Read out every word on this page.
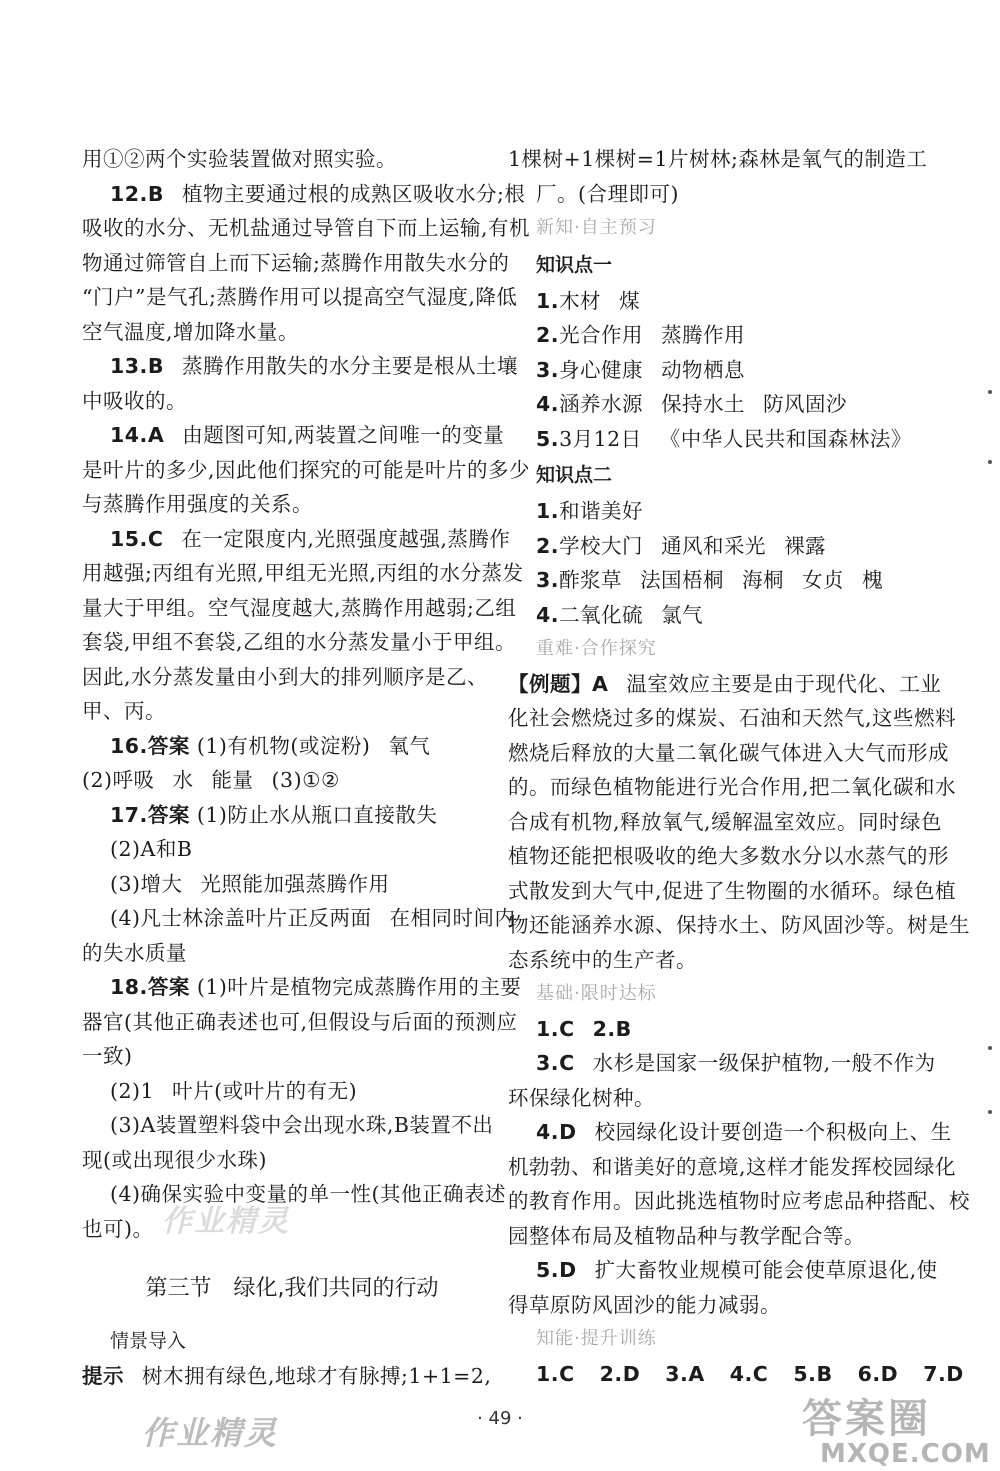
用①②两个实验装置做对照实验。
12.B 植物主要通过根的成熟区吸收水分;根
吸收的水分、无机盐通过导管自下而上运输,有机
物通过筛管自上而下运输;蒸腾作用散失水分的
“门户”是气孔;蒸腾作用可以提高空气湿度,降低
空气温度,增加降水量。
13.B 蒸腾作用散失的水分主要是根从土壤
中吸收的。
14.A 由题图可知,两装置之间唯一的变量
是叶片的多少,因此他们探究的可能是叶片的多少
与蒸腾作用强度的关系。
15.C 在一定限度内,光照强度越强,蒸腾作
用越强;丙组有光照,甲组无光照,丙组的水分蒸发
量大于甲组。空气湿度越大,蒸腾作用越弱;乙组
套袋,甲组不套袋,乙组的水分蒸发量小于甲组。
因此,水分蒸发量由小到大的排列顺序是乙、
甲、丙。
16.答案 (1)有机物(或淀粉) 氧气
(2)呼吸 水 能量 (3)①②
17.答案 (1)防止水从瓶口直接散失
(2)A和B
(3)增大 光照能加强蒸腾作用
(4)凡士林涂盖叶片正反两面 在相同时间内
的失水质量
18.答案 (1)叶片是植物完成蒸腾作用的主要
器官(其他正确表述也可,但假设与后面的预测应
一致)
(2)1 叶片(或叶片的有无)
(3)A装置塑料袋中会出现水珠,B装置不出
现(或出现很少水珠)
(4)确保实验中变量的单一性(其他正确表述
也可)。
第三节　绿化,我们共同的行动
情景导入
提示 树木拥有绿色,地球才有脉搏;1+1=2,
1棵树+1棵树=1片树林;森林是氧气的制造工
厂。(合理即可)
新知·自主预习
知识点一
1.木材 煤
2.光合作用 蒸腾作用
3.身心健康 动物栖息
4.涵养水源 保持水土 防风固沙
5.3月12日 《中华人民共和国森林法》
知识点二
1.和谐美好
2.学校大门 通风和采光 裸露
3.酢浆草 法国梧桐 海桐 女贞 槐
4.二氧化硫 氯气
重难·合作探究
【例题】A 温室效应主要是由于现代化、工业
化社会燃烧过多的煤炭、石油和天然气,这些燃料
燃烧后释放的大量二氧化碳气体进入大气而形成
的。而绿色植物能进行光合作用,把二氧化碳和水
合成有机物,释放氧气,缓解温室效应。同时绿色
植物还能把根吸收的绝大多数水分以水蒸气的形
式散发到大气中,促进了生物圈的水循环。绿色植
物还能涵养水源、保持水土、防风固沙等。树是生
态系统中的生产者。
基础·限时达标
1.C 2.B
3.C 水杉是国家一级保护植物,一般不作为
环保绿化树种。
4.D 校园绿化设计要创造一个积极向上、生
机勃勃、和谐美好的意境,这样才能发挥校园绿化
的教育作用。因此挑选植物时应考虑品种搭配、校
园整体布局及植物品种与教学配合等。
5.D 扩大畜牧业规模可能会使草原退化,使
得草原防风固沙的能力减弱。
知能·提升训练
1.C 2.D 3.A 4.C 5.B 6.D 7.D
· 49 ·
作业精灵
作业精灵	答案圈
MXQE.COM
